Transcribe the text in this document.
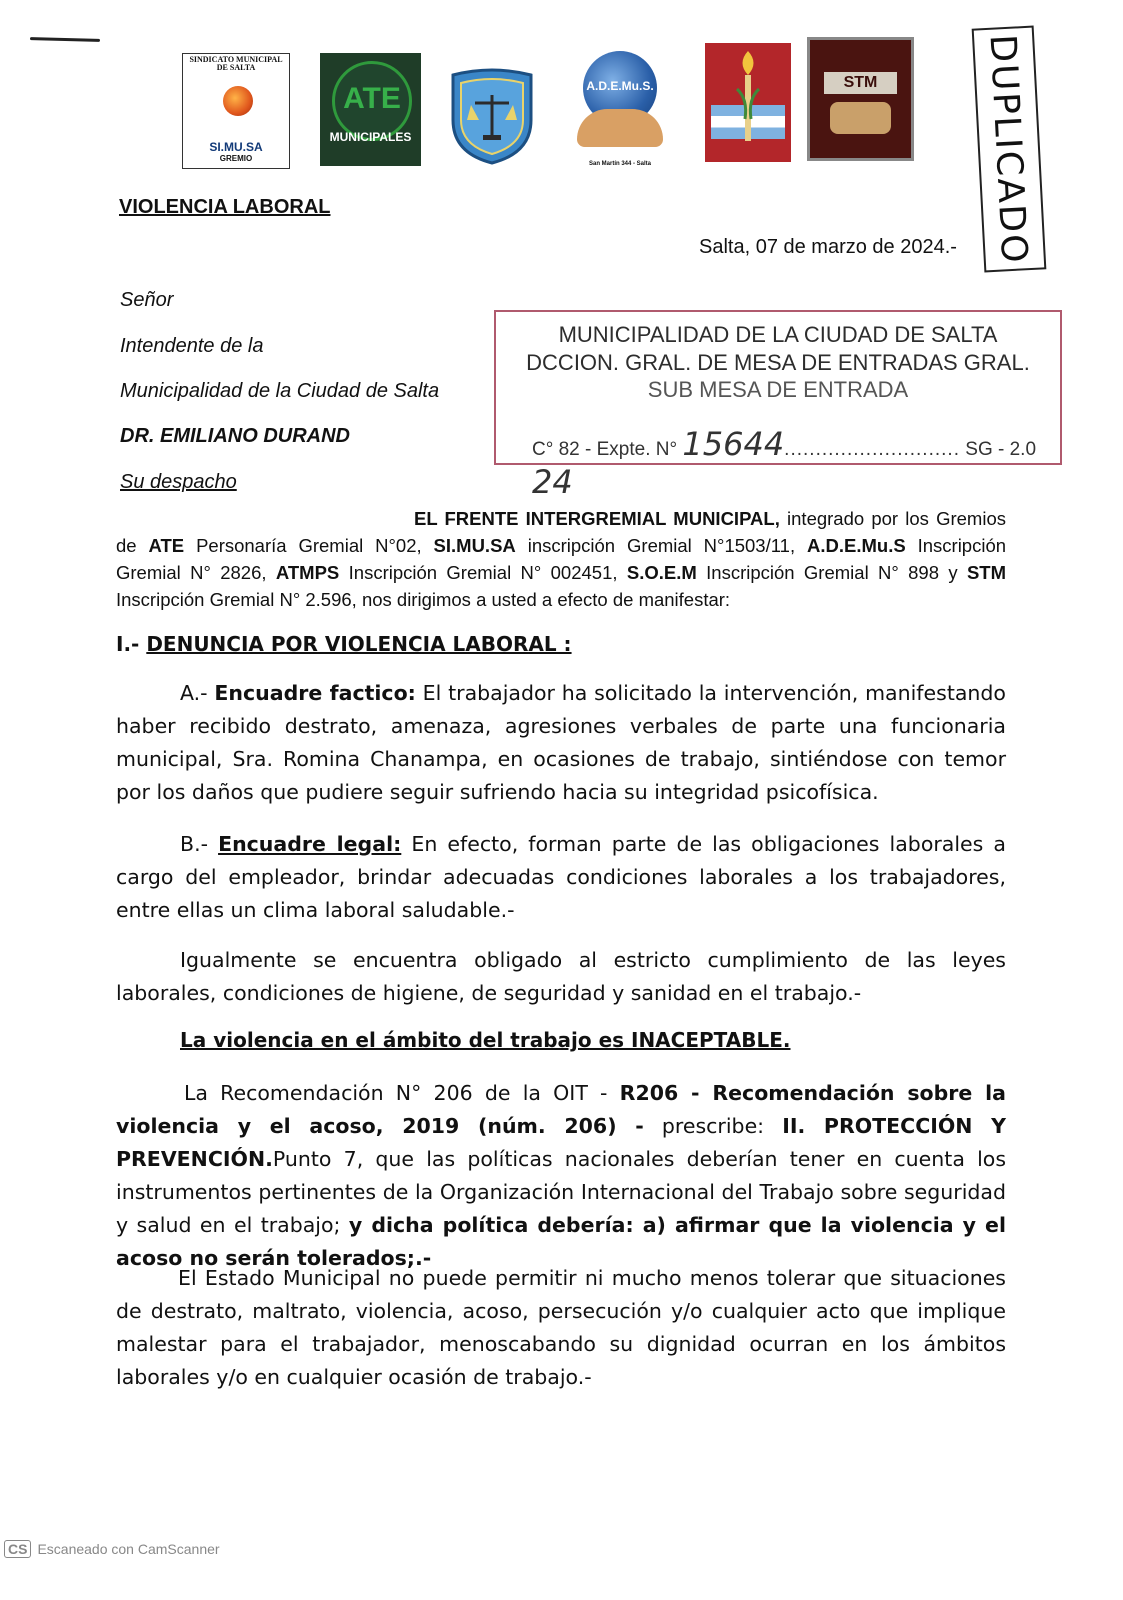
SINDICATO MUNICIPAL DE SALTA
SI.MU.SA
GREMIO
ATE
MUNICIPALES
A.D.E.Mu.S.
San Martín 344 - Salta
STM	DUPLICADO
VIOLENCIA LABORAL
Salta, 07 de marzo de 2024.-
Señor
Intendente de la
Municipalidad de la Ciudad de Salta
DR. EMILIANO DURAND
Su despacho
MUNICIPALIDAD DE LA CIUDAD DE SALTA
DCCION. GRAL. DE MESA DE ENTRADAS GRAL.
SUB MESA DE ENTRADA
C° 82 - Expte. N° 15644............................ SG - 2.0 24
EL FRENTE INTERGREMIAL MUNICIPAL, integrado por los Gremios de ATE Personaría Gremial N°02, SI.MU.SA inscripción Gremial N°1503/11, A.D.E.Mu.S Inscripción Gremial N° 2826, ATMPS Inscripción Gremial N° 002451, S.O.E.M Inscripción Gremial N° 898 y STM Inscripción Gremial N° 2.596, nos dirigimos a usted a efecto de manifestar:
I.- DENUNCIA POR VIOLENCIA LABORAL :
A.- Encuadre factico: El trabajador ha solicitado la intervención, manifestando haber recibido destrato, amenaza, agresiones verbales de parte una funcionaria municipal, Sra. Romina Chanampa, en ocasiones de trabajo, sintiéndose con temor por los daños que pudiere seguir sufriendo hacia su integridad psicofísica.
B.- Encuadre legal: En efecto, forman parte de las obligaciones laborales a cargo del empleador, brindar adecuadas condiciones laborales a los trabajadores, entre ellas un clima laboral saludable.-
Igualmente se encuentra obligado al estricto cumplimiento de las leyes laborales, condiciones de higiene, de seguridad y sanidad en el trabajo.-
La violencia en el ámbito del trabajo es INACEPTABLE.
La Recomendación N° 206 de la OIT - R206 - Recomendación sobre la violencia y el acoso, 2019 (núm. 206) - prescribe: II. PROTECCIÓN Y PREVENCIÓN.Punto 7, que las políticas nacionales deberían tener en cuenta los instrumentos pertinentes de la Organización Internacional del Trabajo sobre seguridad y salud en el trabajo; y dicha política debería: a) afirmar que la violencia y el acoso no serán tolerados;.-
El Estado Municipal no puede permitir ni mucho menos tolerar que situaciones de destrato, maltrato, violencia, acoso, persecución y/o cualquier acto que implique malestar para el trabajador, menoscabando su dignidad ocurran en los ámbitos laborales y/o en cualquier ocasión de trabajo.-
CS Escaneado con CamScanner
